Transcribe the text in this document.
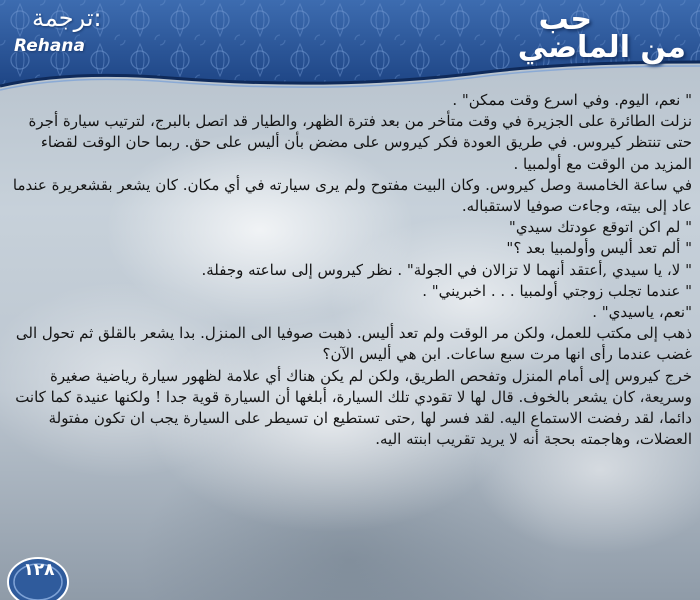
ترجمة:
Rehana
حب
من الماضي

" نعم، اليوم. وفي اسرع وقت ممكن" .

نزلت الطائرة على الجزيرة في وقت متأخر من بعد فترة الظهر، والطيار قد اتصل بالبرج، لترتيب سيارة أجرة حتى تنتظر كيروس. في طريق العودة فكر كيروس على مضض بأن أليس على حق. ربما حان الوقت لقضاء المزيد من الوقت مع أولمبيا .

في ساعة الخامسة وصل كيروس. وكان البيت مفتوح ولم يرى سيارته في أي مكان. كان يشعر بقشعريرة عندما عاد إلى بيته، وجاءت صوفيا لاستقباله.

" لم اكن اتوقع عودتك سيدي"

" ألم تعد أليس وأولمبيا بعد ؟"

" لا، يا سيدي ,أعتقد أنهما لا تزالان في الجولة" . نظر كيروس إلى ساعته وجفلة.

" عندما تجلب زوجتي أولمبيا . . . اخبريني" .

"نعم، ياسيدي" .

ذهب إلى مكتب للعمل، ولكن مر الوقت ولم تعد أليس. ذهبت صوفيا الى المنزل. بدا يشعر بالقلق ثم تحول الى غضب عندما رأى انها مرت سبع ساعات. ابن هي أليس الآن؟

خرج كيروس إلى أمام المنزل وتفحص الطريق، ولكن لم يكن هناك أي علامة لظهور سيارة رياضية صغيرة وسريعة، كان يشعر بالخوف. قال لها لا تقودي تلك السيارة، أبلغها أن السيارة قوية جدا ! ولكنها عنيدة كما كانت دائما، لقد رفضت الاستماع اليه. لقد فسر لها ,حتى تستطيع ان تسيطر على السيارة يجب ان تكون مفتولة العضلات، وهاجمته بحجة أنه لا يريد تقريب ابنته اليه.

١٢٨
